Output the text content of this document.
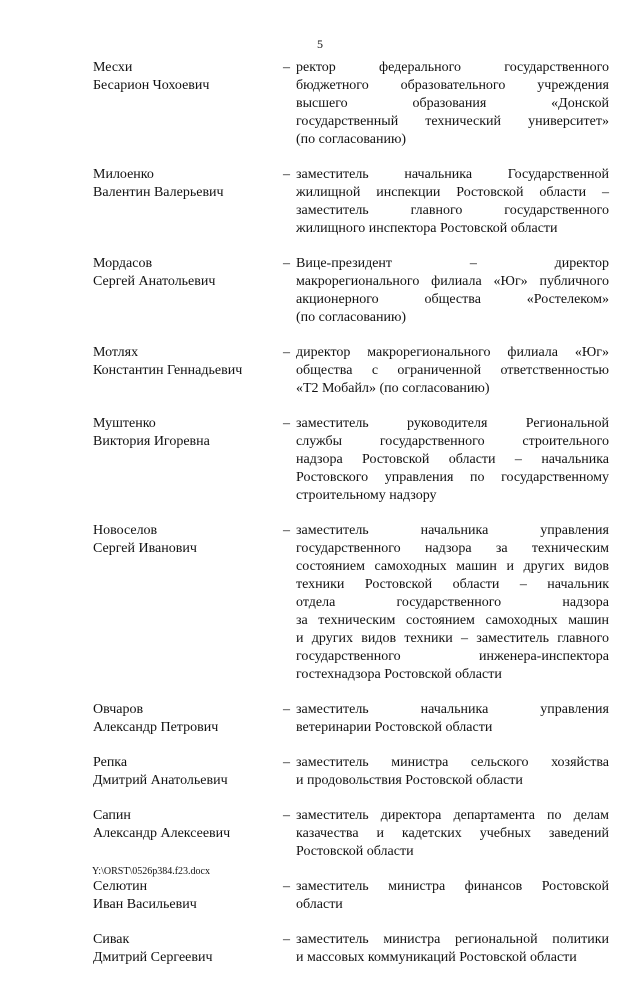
5
Месхи
Бесарион Чохоевич
– ректор федерального государственного
бюджетного образовательного учреждения
высшего образования «Донской
государственный технический университет»
(по согласованию)
Милоенко
Валентин Валерьевич
– заместитель начальника Государственной
жилищной инспекции Ростовской области –
заместитель главного государственного
жилищного инспектора Ростовской области
Мордасов
Сергей Анатольевич
– Вице-президент – директор
макрорегионального филиала «Юг» публичного
акционерного общества «Ростелеком»
(по согласованию)
Мотлях
Константин Геннадьевич
– директор макрорегионального филиала «Юг»
общества с ограниченной ответственностью
«Т2 Мобайл» (по согласованию)
Муштенко
Виктория Игоревна
– заместитель руководителя Региональной
службы государственного строительного
надзора Ростовской области – начальника
Ростовского управления по государственному
строительному надзору
Новоселов
Сергей Иванович
– заместитель начальника управления
государственного надзора за техническим
состоянием самоходных машин и других видов
техники Ростовской области – начальник
отдела государственного надзора
за техническим состоянием самоходных машин
и других видов техники – заместитель главного
государственного инженера-инспектора
гостехнадзора Ростовской области
Овчаров
Александр Петрович
– заместитель начальника управления
ветеринарии Ростовской области
Репка
Дмитрий Анатольевич
– заместитель министра сельского хозяйства
и продовольствия Ростовской области
Сапин
Александр Алексеевич
– заместитель директора департамента по делам
казачества и кадетских учебных заведений
Ростовской области
Селютин
Иван Васильевич
– заместитель министра финансов Ростовской
области
Сивак
Дмитрий Сергеевич
– заместитель министра региональной политики
и массовых коммуникаций Ростовской области
Y:\ORST\0526p384.f23.docx
